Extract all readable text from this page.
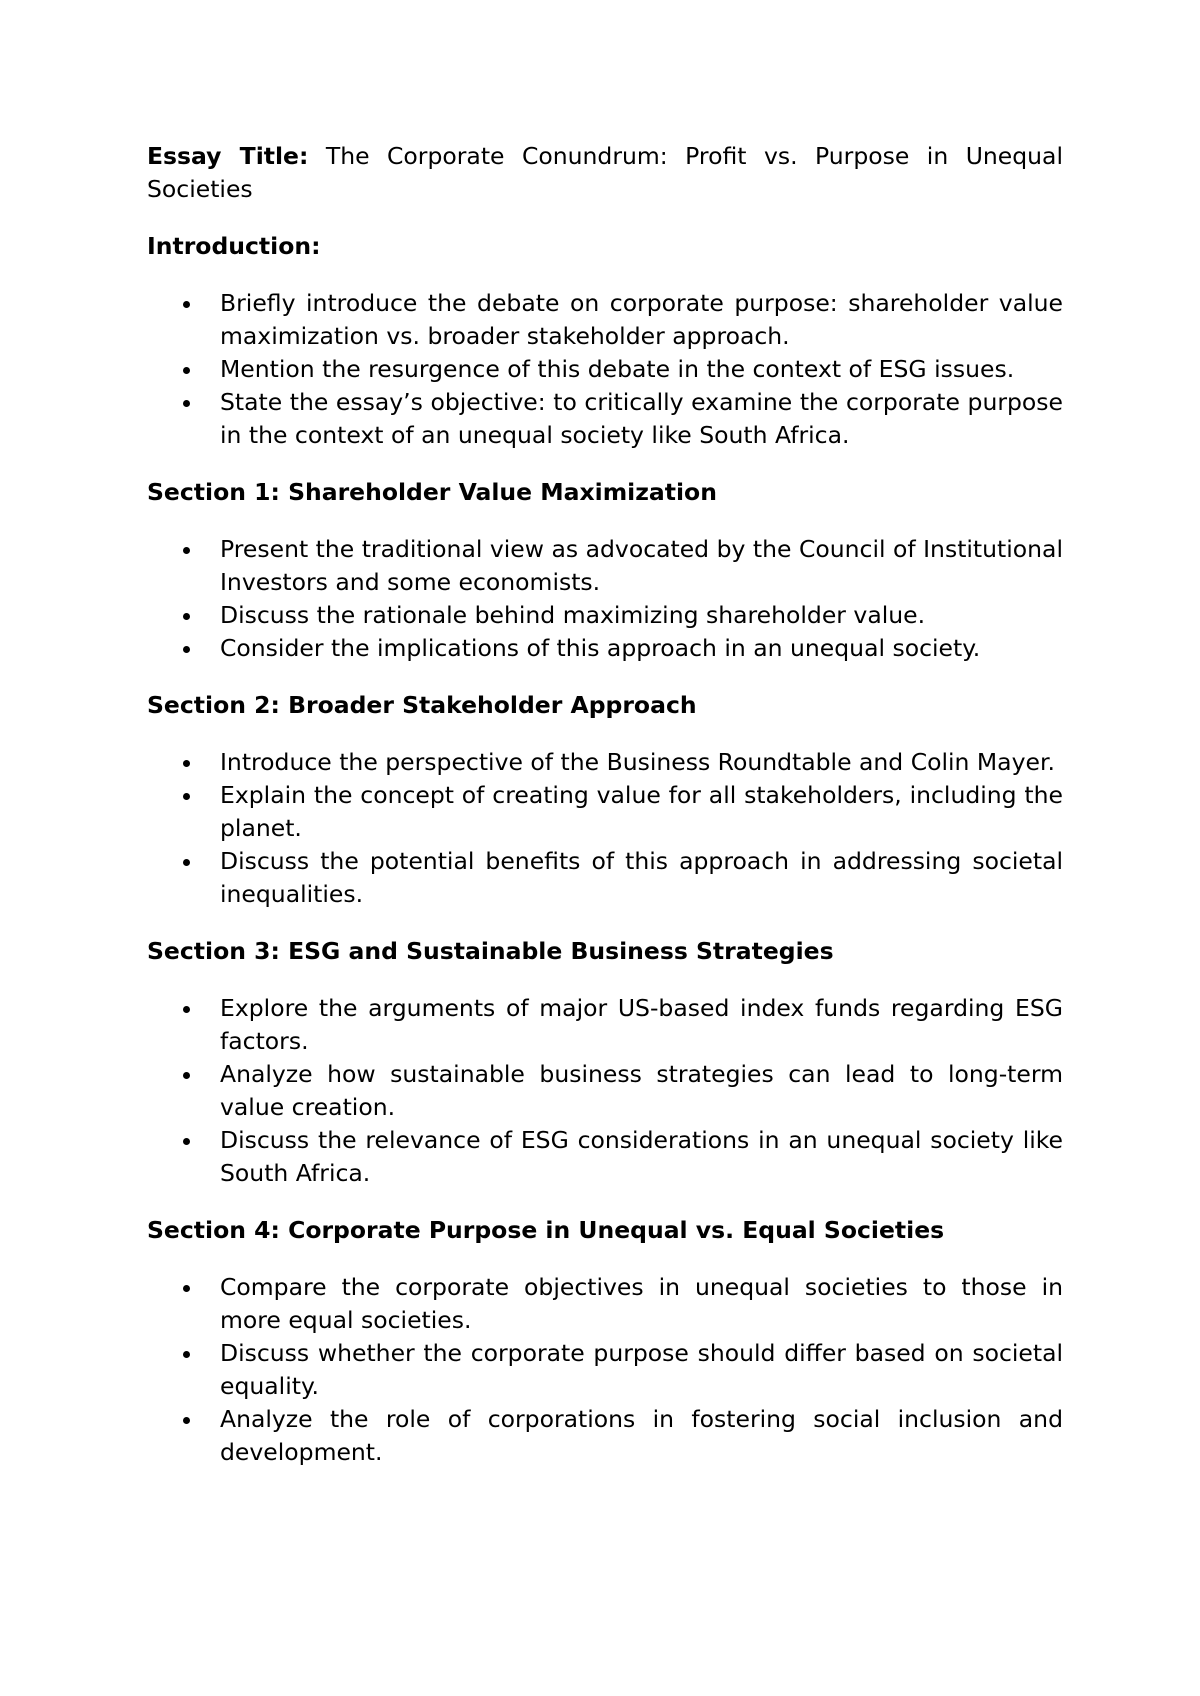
Essay Title: The Corporate Conundrum: Profit vs. Purpose in Unequal Societies

Introduction:
Briefly introduce the debate on corporate purpose: shareholder value maximization vs. broader stakeholder approach.
Mention the resurgence of this debate in the context of ESG issues.
State the essay’s objective: to critically examine the corporate purpose in the context of an unequal society like South Africa.
Section 1: Shareholder Value Maximization
Present the traditional view as advocated by the Council of Institutional Investors and some economists.
Discuss the rationale behind maximizing shareholder value.
Consider the implications of this approach in an unequal society.
Section 2: Broader Stakeholder Approach
Introduce the perspective of the Business Roundtable and Colin Mayer.
Explain the concept of creating value for all stakeholders, including the planet.
Discuss the potential benefits of this approach in addressing societal inequalities.
Section 3: ESG and Sustainable Business Strategies
Explore the arguments of major US-based index funds regarding ESG factors.
Analyze how sustainable business strategies can lead to long-term value creation.
Discuss the relevance of ESG considerations in an unequal society like South Africa.
Section 4: Corporate Purpose in Unequal vs. Equal Societies
Compare the corporate objectives in unequal societies to those in more equal societies.
Discuss whether the corporate purpose should differ based on societal equality.
Analyze the role of corporations in fostering social inclusion and development.
